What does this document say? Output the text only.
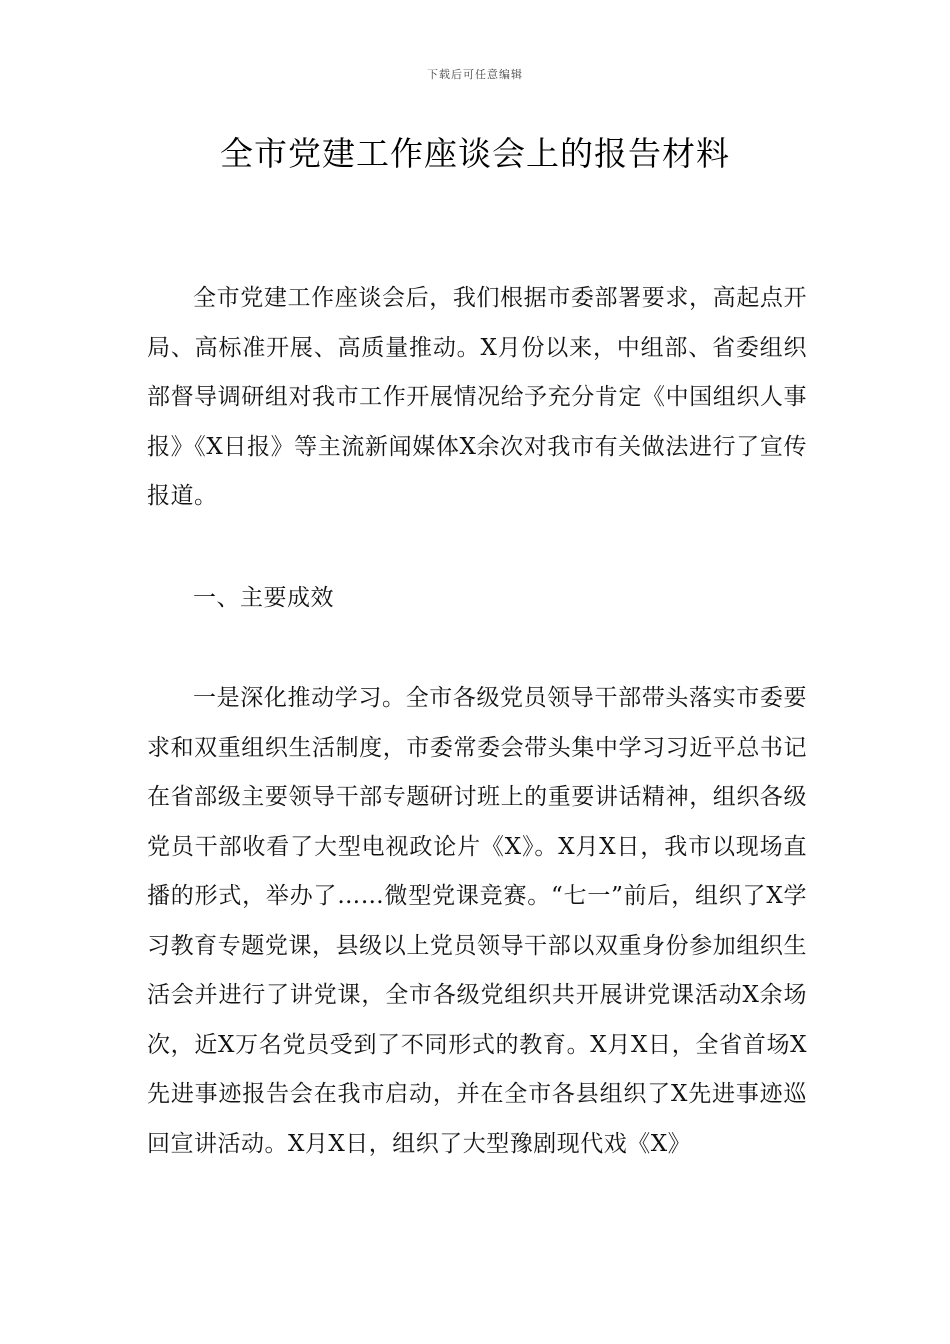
下载后可任意编辑
全市党建工作座谈会上的报告材料

全市党建工作座谈会后，我们根据市委部署要求，高起点开局、高标准开展、高质量推动。X月份以来，中组部、省委组织部督导调研组对我市工作开展情况给予充分肯定《中国组织人事报》《X日报》等主流新闻媒体X余次对我市有关做法进行了宣传报道。

一、主要成效

一是深化推动学习。全市各级党员领导干部带头落实市委要求和双重组织生活制度，市委常委会带头集中学习习近平总书记在省部级主要领导干部专题研讨班上的重要讲话精神，组织各级党员干部收看了大型电视政论片《X》。X月X日，我市以现场直播的形式，举办了……微型党课竞赛。“七一”前后，组织了X学习教育专题党课，县级以上党员领导干部以双重身份参加组织生活会并进行了讲党课，全市各级党组织共开展讲党课活动X余场次，近X万名党员受到了不同形式的教育。X月X日，全省首场X先进事迹报告会在我市启动，并在全市各县组织了X先进事迹巡回宣讲活动。X月X日，组织了大型豫剧现代戏《X》
